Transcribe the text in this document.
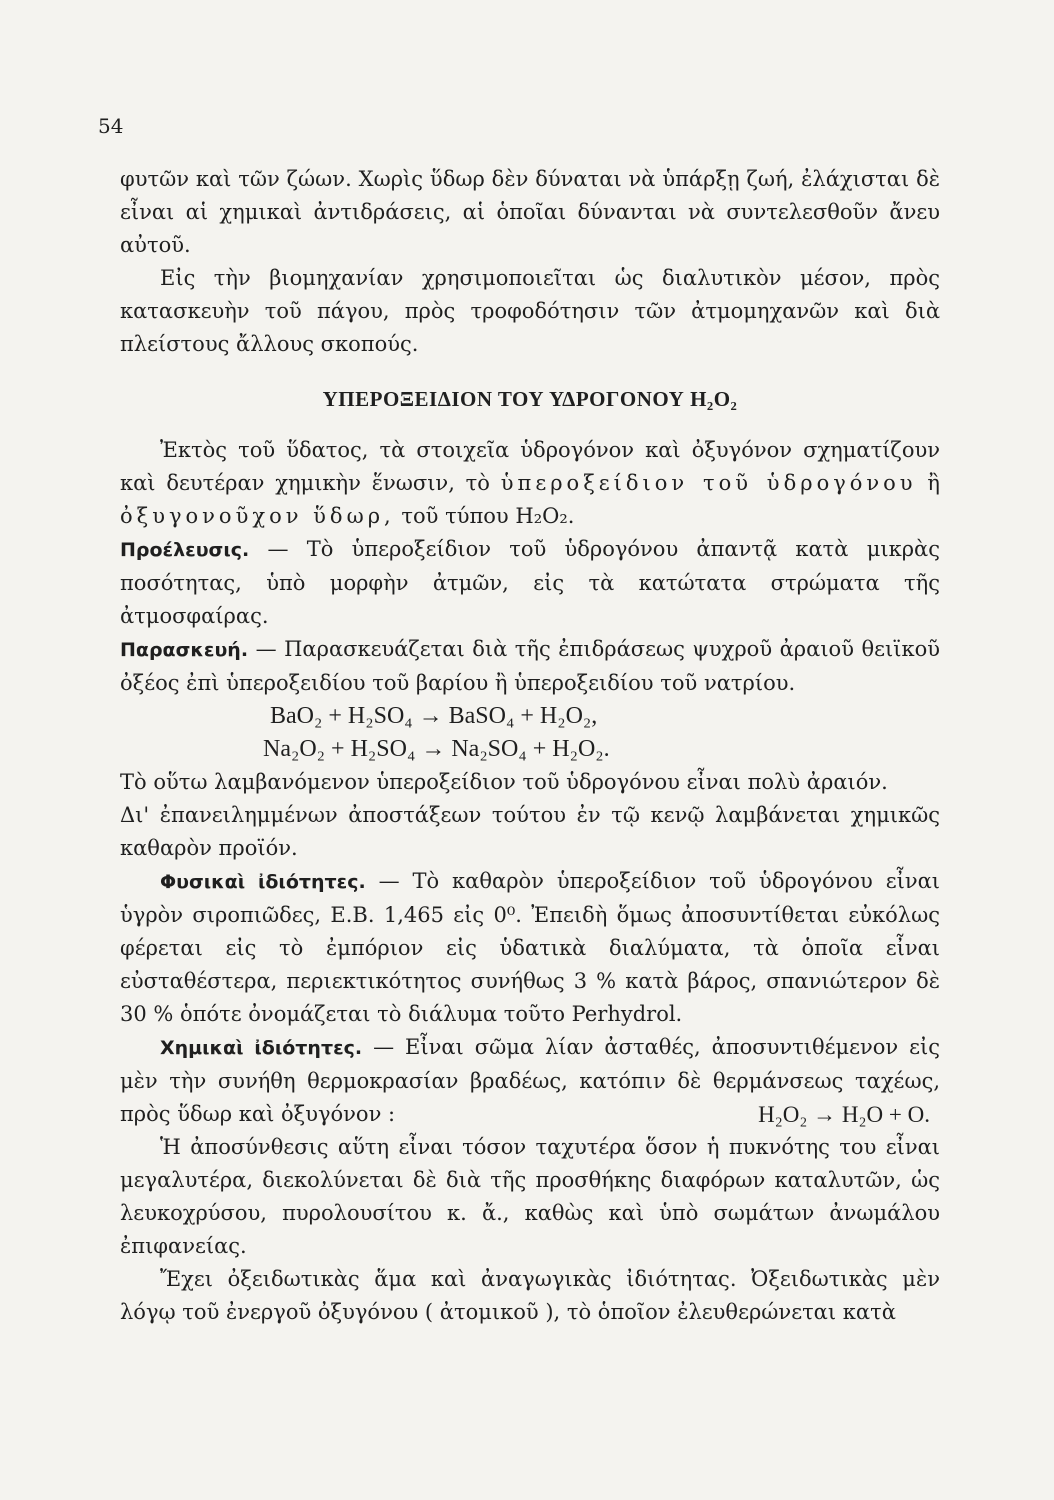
54

φυτῶν καὶ τῶν ζώων. Χωρὶς ὕδωρ δὲν δύναται νὰ ὑπάρξῃ ζωή, ἐλάχισται δὲ εἶναι αἱ χημικαὶ ἀντιδράσεις, αἱ ὁποῖαι δύνανται νὰ συντελεσθοῦν ἄνευ αὐτοῦ.

Εἰς τὴν βιομηχανίαν χρησιμοποιεῖται ὡς διαλυτικὸν μέσον, πρὸς κατασκευὴν τοῦ πάγου, πρὸς τροφοδότησιν τῶν ἀτμομηχανῶν καὶ διὰ πλείστους ἄλλους σκοπούς.

ΥΠΕΡΟΞΕΙΔΙΟΝ ΤΟΥ ΥΔΡΟΓΟΝΟΥ H₂O₂

Ἐκτὸς τοῦ ὕδατος, τὰ στοιχεῖα ὑδρογόνον καὶ ὀξυγόνον σχηματίζουν καὶ δευτέραν χημικὴν ἕνωσιν, τὸ ὑπεροξείδιον τοῦ ὑδρογόνου ἢ ὀξυγονοῦχον ὕδωρ, τοῦ τύπου H₂O₂.

Προέλευσις. — Τὸ ὑπεροξείδιον τοῦ ὑδρογόνου ἀπαντᾷ κατὰ μικρὰς ποσότητας, ὑπὸ μορφὴν ἀτμῶν, εἰς τὰ κατώτατα στρώματα τῆς ἀτμοσφαίρας.

Παρασκευή. — Παρασκευάζεται διὰ τῆς ἐπιδράσεως ψυχροῦ ἀραιοῦ θειϊκοῦ ὀξέος ἐπὶ ὑπεροξειδίου τοῦ βαρίου ἢ ὑπεροξειδίου τοῦ νατρίου.

BaO₂ + H₂SO₄ → BaSO₄ + H₂O₂,

Na₂O₂ + H₂SO₄ → Na₂SO₄ + H₂O₂.

Τὸ οὕτω λαμβανόμενον ὑπεροξείδιον τοῦ ὑδρογόνου εἶναι πολὺ ἀραιόν.

Δι' ἐπανειλημμένων ἀποστάξεων τούτου ἐν τῷ κενῷ λαμβάνεται χημικῶς καθαρὸν προϊόν.

Φυσικαὶ ἰδιότητες. — Τὸ καθαρὸν ὑπεροξείδιον τοῦ ὑδρογόνου εἶναι ὑγρὸν σιροπιῶδες, Ε.Β. 1,465 εἰς 0⁰. Ἐπειδὴ ὅμως ἀποσυντίθεται εὐκόλως φέρεται εἰς τὸ ἐμπόριον εἰς ὑδατικὰ διαλύματα, τὰ ὁποῖα εἶναι εὐσταθέστερα, περιεκτικότητος συνήθως 3 % κατὰ βάρος, σπανιώτερον δὲ 30 % ὁπότε ὀνομάζεται τὸ διάλυμα τοῦτο Perhydrol.

Χημικαὶ ἰδιότητες. — Εἶναι σῶμα λίαν ἀσταθές, ἀποσυντιθέμενον εἰς μὲν τὴν συνήθη θερμοκρασίαν βραδέως, κατόπιν δὲ θερμάνσεως ταχέως, πρὸς ὕδωρ καὶ ὀξυγόνον :	H₂O₂ → H₂O + O.

Ἡ ἀποσύνθεσις αὕτη εἶναι τόσον ταχυτέρα ὅσον ἡ πυκνότης του εἶναι μεγαλυτέρα, διεκολύνεται δὲ διὰ τῆς προσθήκης διαφόρων καταλυτῶν, ὡς λευκοχρύσου, πυρολουσίτου κ. ἄ., καθὼς καὶ ὑπὸ σωμάτων ἀνωμάλου ἐπιφανείας.

Ἔχει ὀξειδωτικὰς ἅμα καὶ ἀναγωγικὰς ἰδιότητας. Ὀξειδωτικὰς μὲν λόγῳ τοῦ ἐνεργοῦ ὀξυγόνου ( ἀτομικοῦ ), τὸ ὁποῖον ἐλευθερώνεται κατὰ
